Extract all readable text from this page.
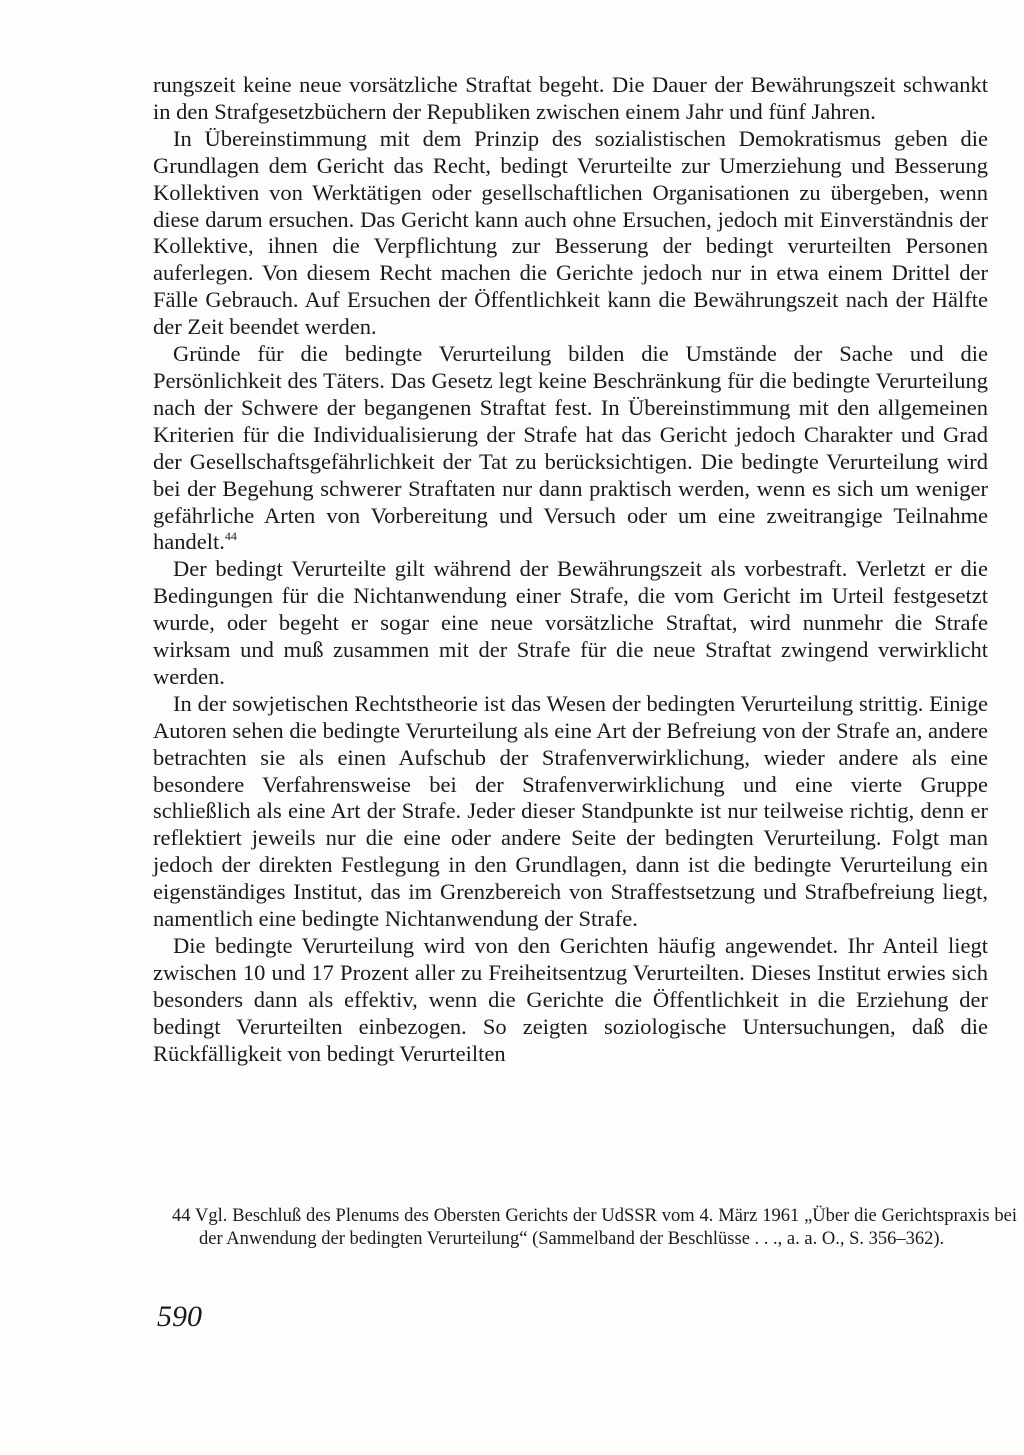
rungszeit keine neue vorsätzliche Straftat begeht. Die Dauer der Bewährungszeit schwankt in den Strafgesetzbüchern der Republiken zwischen einem Jahr und fünf Jahren.

In Übereinstimmung mit dem Prinzip des sozialistischen Demokratismus geben die Grundlagen dem Gericht das Recht, bedingt Verurteilte zur Umerziehung und Besserung Kollektiven von Werktätigen oder gesellschaftlichen Organisationen zu übergeben, wenn diese darum ersuchen. Das Gericht kann auch ohne Ersuchen, jedoch mit Einverständnis der Kollektive, ihnen die Verpflichtung zur Besserung der bedingt verurteilten Personen auferlegen. Von diesem Recht machen die Gerichte jedoch nur in etwa einem Drittel der Fälle Gebrauch. Auf Ersuchen der Öffentlichkeit kann die Bewährungszeit nach der Hälfte der Zeit beendet werden.

Gründe für die bedingte Verurteilung bilden die Umstände der Sache und die Persönlichkeit des Täters. Das Gesetz legt keine Beschränkung für die bedingte Verurteilung nach der Schwere der begangenen Straftat fest. In Übereinstimmung mit den allgemeinen Kriterien für die Individualisierung der Strafe hat das Gericht jedoch Charakter und Grad der Gesellschaftsgefährlichkeit der Tat zu berücksichtigen. Die bedingte Verurteilung wird bei der Begehung schwerer Straftaten nur dann praktisch werden, wenn es sich um weniger gefährliche Arten von Vorbereitung und Versuch oder um eine zweitrangige Teilnahme handelt.$^{44}$

Der bedingt Verurteilte gilt während der Bewährungszeit als vorbestraft. Verletzt er die Bedingungen für die Nichtanwendung einer Strafe, die vom Gericht im Urteil festgesetzt wurde, oder begeht er sogar eine neue vorsätzliche Straftat, wird nunmehr die Strafe wirksam und muß zusammen mit der Strafe für die neue Straftat zwingend verwirklicht werden.

In der sowjetischen Rechtstheorie ist das Wesen der bedingten Verurteilung strittig. Einige Autoren sehen die bedingte Verurteilung als eine Art der Befreiung von der Strafe an, andere betrachten sie als einen Aufschub der Strafenverwirklichung, wieder andere als eine besondere Verfahrensweise bei der Strafenverwirklichung und eine vierte Gruppe schließlich als eine Art der Strafe. Jeder dieser Standpunkte ist nur teilweise richtig, denn er reflektiert jeweils nur die eine oder andere Seite der bedingten Verurteilung. Folgt man jedoch der direkten Festlegung in den Grundlagen, dann ist die bedingte Verurteilung ein eigenständiges Institut, das im Grenzbereich von Straffestsetzung und Strafbefreiung liegt, namentlich eine bedingte Nichtanwendung der Strafe.

Die bedingte Verurteilung wird von den Gerichten häufig angewendet. Ihr Anteil liegt zwischen 10 und 17 Prozent aller zu Freiheitsentzug Verurteilten. Dieses Institut erwies sich besonders dann als effektiv, wenn die Gerichte die Öffentlichkeit in die Erziehung der bedingt Verurteilten einbezogen. So zeigten soziologische Untersuchungen, daß die Rückfälligkeit von bedingt Verurteilten

44 Vgl. Beschluß des Plenums des Obersten Gerichts der UdSSR vom 4. März 1961 „Über die Gerichtspraxis bei der Anwendung der bedingten Verurteilung“ (Sammelband der Beschlüsse . . ., a. a. O., S. 356–362).
590
